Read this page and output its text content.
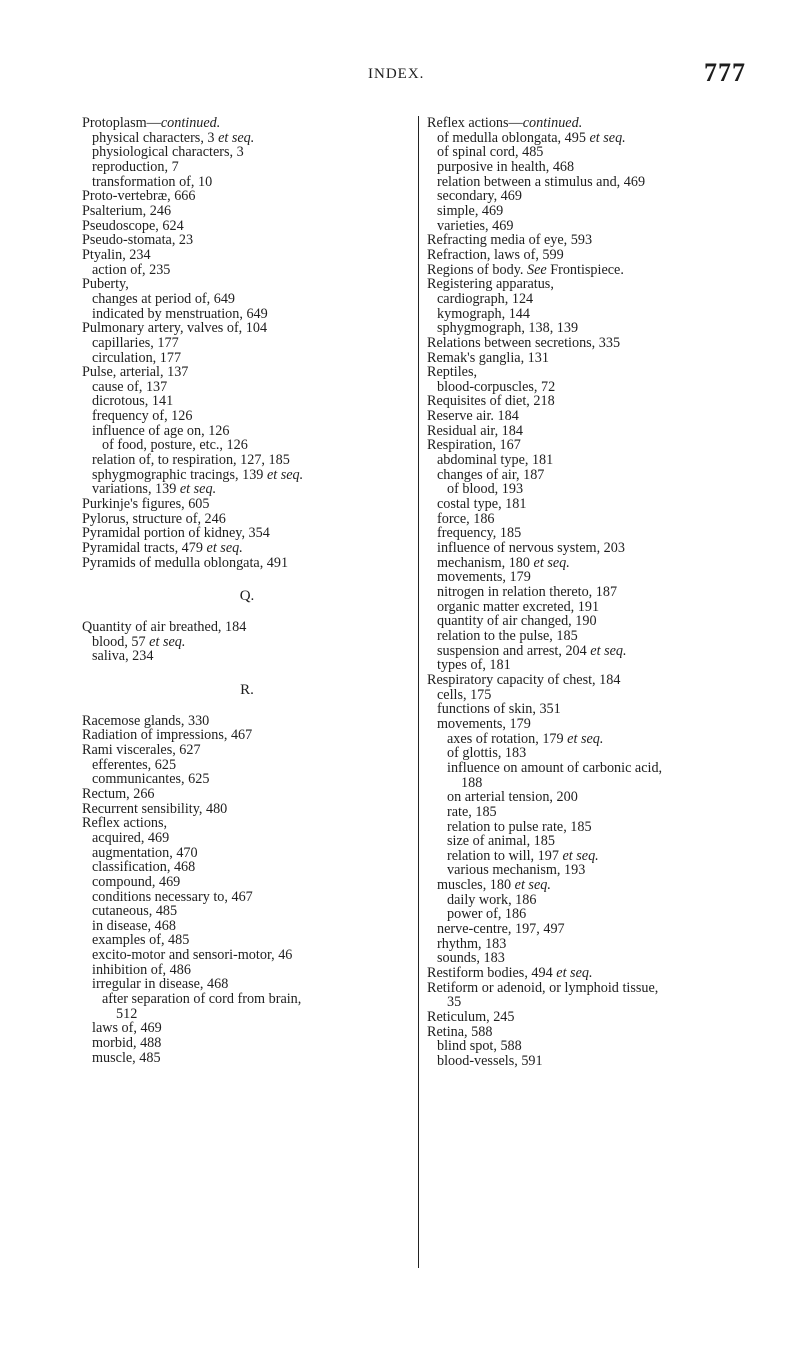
INDEX.	777
Protoplasm—continued.
physical characters, 3 et seq.
physiological characters, 3
reproduction, 7
transformation of, 10
Proto-vertebræ, 666
Psalterium, 246
Pseudoscope, 624
Pseudo-stomata, 23
Ptyalin, 234
action of, 235
Puberty,
changes at period of, 649
indicated by menstruation, 649
Pulmonary artery, valves of, 104
capillaries, 177
circulation, 177
Pulse, arterial, 137
cause of, 137
dicrotous, 141
frequency of, 126
influence of age on, 126
of food, posture, etc., 126
relation of, to respiration, 127, 185
sphygmographic tracings, 139 et seq.
variations, 139 et seq.
Purkinje's figures, 605
Pylorus, structure of, 246
Pyramidal portion of kidney, 354
Pyramidal tracts, 479 et seq.
Pyramids of medulla oblongata, 491
Q.
Quantity of air breathed, 184
blood, 57 et seq.
saliva, 234
R.
Racemose glands, 330
Radiation of impressions, 467
Rami viscerales, 627
efferentes, 625
communicantes, 625
Rectum, 266
Recurrent sensibility, 480
Reflex actions,
acquired, 469
augmentation, 470
classification, 468
compound, 469
conditions necessary to, 467
cutaneous, 485
in disease, 468
examples of, 485
excito-motor and sensori-motor, 46
inhibition of, 486
irregular in disease, 468
after separation of cord from brain,
512
laws of, 469
morbid, 488
muscle, 485
Reflex actions—continued.
of medulla oblongata, 495 et seq.
of spinal cord, 485
purposive in health, 468
relation between a stimulus and, 469
secondary, 469
simple, 469
varieties, 469
Refracting media of eye, 593
Refraction, laws of, 599
Regions of body. See Frontispiece.
Registering apparatus,
cardiograph, 124
kymograph, 144
sphygmograph, 138, 139
Relations between secretions, 335
Remak's ganglia, 131
Reptiles,
blood-corpuscles, 72
Requisites of diet, 218
Reserve air. 184
Residual air, 184
Respiration, 167
abdominal type, 181
changes of air, 187
of blood, 193
costal type, 181
force, 186
frequency, 185
influence of nervous system, 203
mechanism, 180 et seq.
movements, 179
nitrogen in relation thereto, 187
organic matter excreted, 191
quantity of air changed, 190
relation to the pulse, 185
suspension and arrest, 204 et seq.
types of, 181
Respiratory capacity of chest, 184
cells, 175
functions of skin, 351
movements, 179
axes of rotation, 179 et seq.
of glottis, 183
influence on amount of carbonic acid,
188
on arterial tension, 200
rate, 185
relation to pulse rate, 185
size of animal, 185
relation to will, 197 et seq.
various mechanism, 193
muscles, 180 et seq.
daily work, 186
power of, 186
nerve-centre, 197, 497
rhythm, 183
sounds, 183
Restiform bodies, 494 et seq.
Retiform or adenoid, or lymphoid tissue,
35
Reticulum, 245
Retina, 588
blind spot, 588
blood-vessels, 591
